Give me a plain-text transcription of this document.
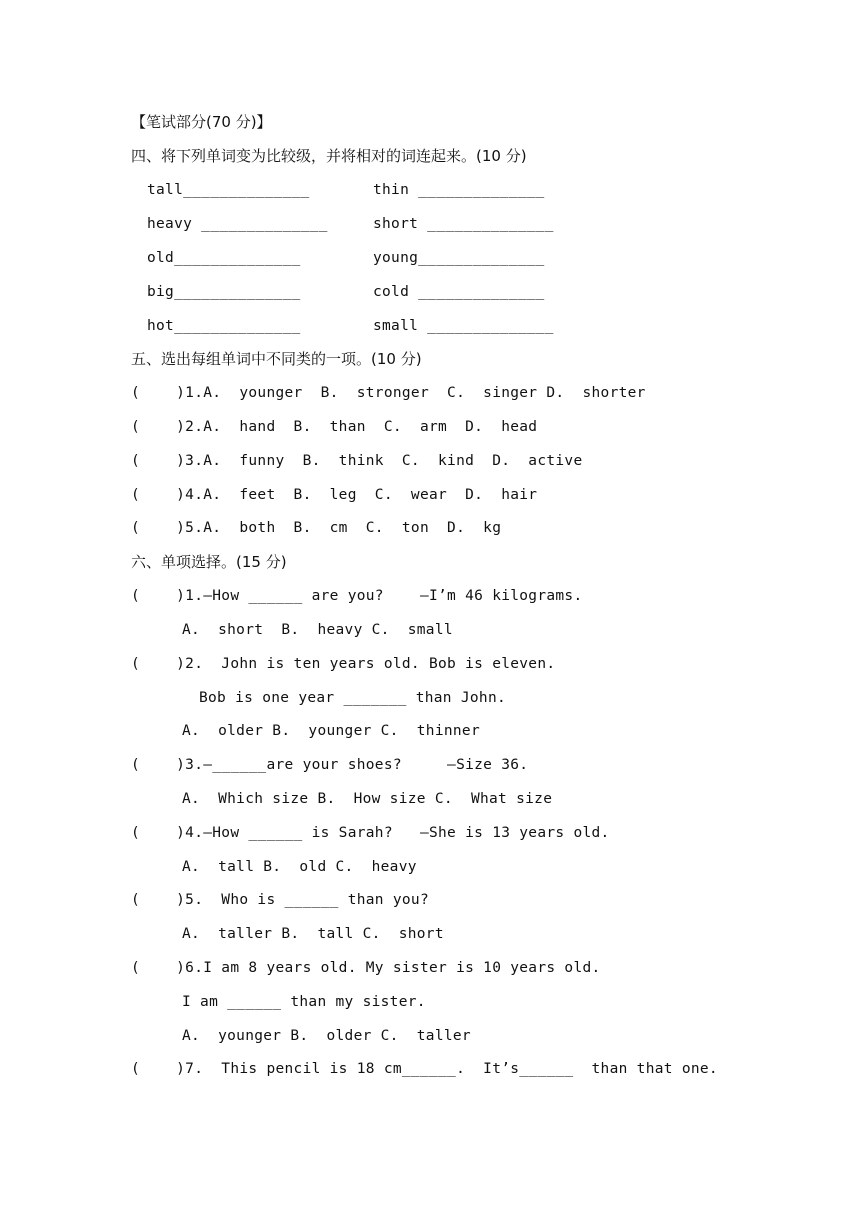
【笔试部分(70 分)】
四、将下列单词变为比较级，并将相对的词连起来。(10 分)
tall______________	thin ______________
heavy ______________	short ______________
old______________	young______________
big______________	cold ______________
hot______________	small ______________
五、选出每组单词中不同类的一项。(10 分)
(    )1.A.  younger  B.  stronger  C.  singer D.  shorter
(    )2.A.  hand  B.  than  C.  arm  D.  head
(    )3.A.  funny  B.  think  C.  kind  D.  active
(    )4.A.  feet  B.  leg  C.  wear  D.  hair
(    )5.A.  both  B.  cm  C.  ton  D.  kg
六、单项选择。(15 分)
(    )1.—How ______ are you?    —I’m 46 kilograms.
A.  short  B.  heavy C.  small
(    )2.  John is ten years old. Bob is eleven.
Bob is one year _______ than John.
A.  older B.  younger C.  thinner
(    )3.—______are your shoes?     —Size 36.
A.  Which size B.  How size C.  What size
(    )4.—How ______ is Sarah?   —She is 13 years old.
A.  tall B.  old C.  heavy
(    )5.  Who is ______ than you?
A.  taller B.  tall C.  short
(    )6.I am 8 years old. My sister is 10 years old.
I am ______ than my sister.
A.  younger B.  older C.  taller
(    )7.  This pencil is 18 cm______.  It’s______  than that one.
